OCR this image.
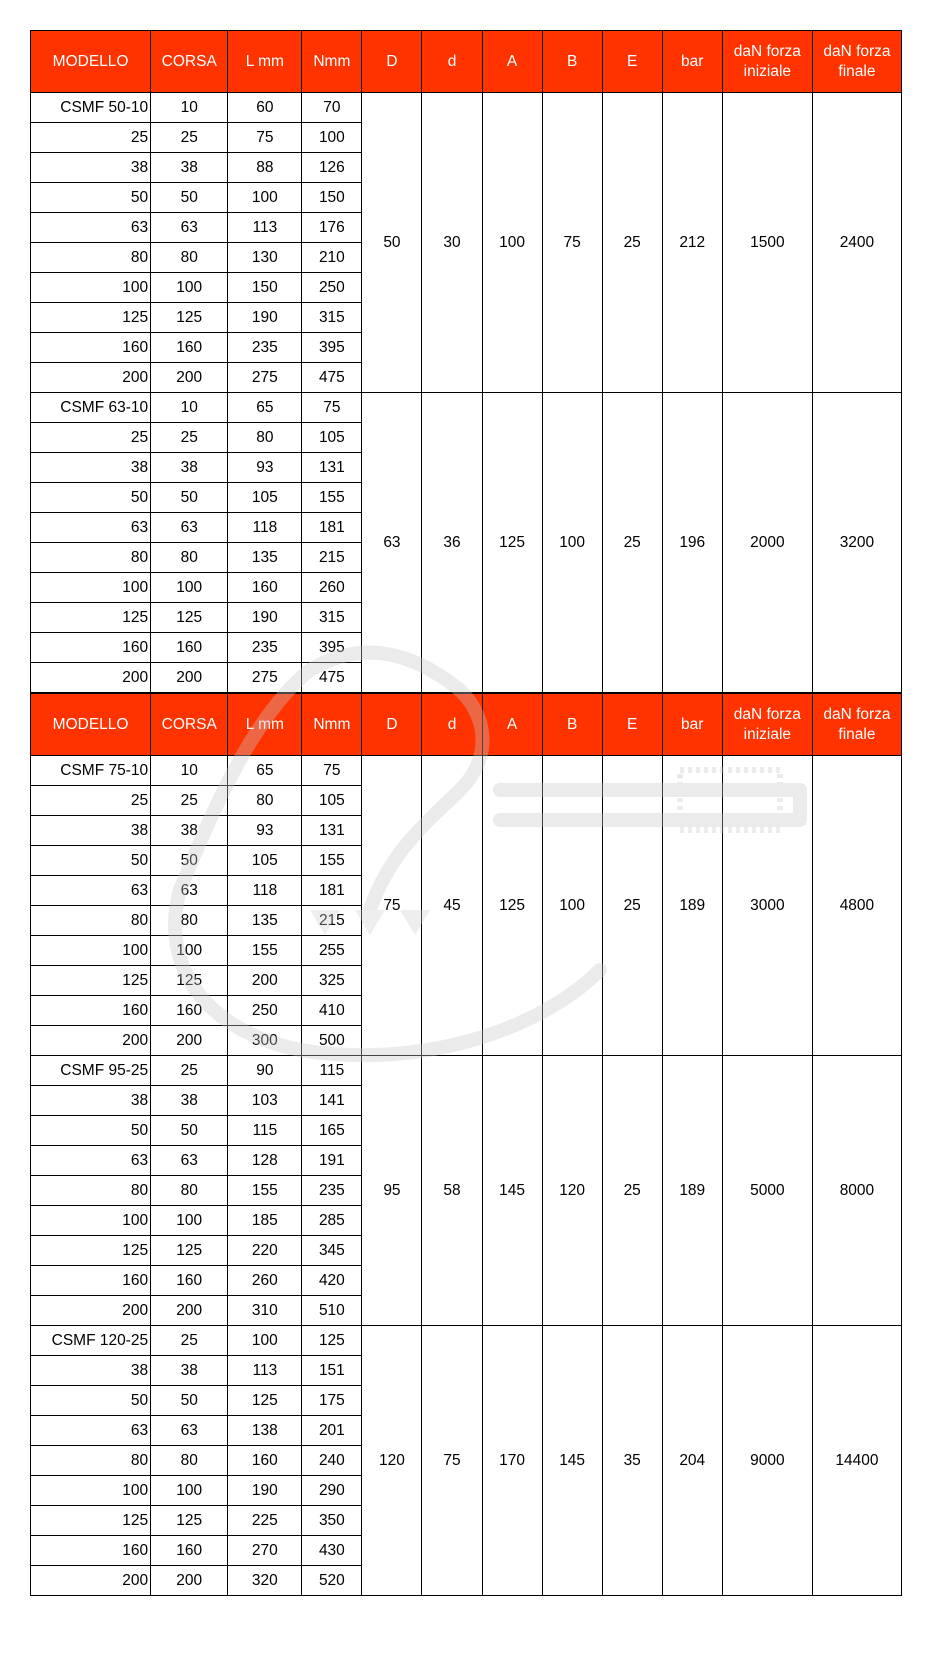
MODELLO	CORSA	L mm	Nmm	D	d	A	B	E	bar	daN forza iniziale	daN forza finale
CSMF 50-10	10	60	70	50	30	100	75	25	212	1500	2400
25	25	75	100								
38	38	88	126								
50	50	100	150								
63	63	113	176								
80	80	130	210								
100	100	150	250								
125	125	190	315								
160	160	235	395								
200	200	275	475								
CSMF 63-10	10	65	75	63	36	125	100	25	196	2000	3200
25	25	80	105								
38	38	93	131								
50	50	105	155								
63	63	118	181								
80	80	135	215								
100	100	160	260								
125	125	190	315								
160	160	235	395								
200	200	275	475								
MODELLO	CORSA	L mm	Nmm	D	d	A	B	E	bar	daN forza iniziale	daN forza finale
CSMF 75-10	10	65	75	75	45	125	100	25	189	3000	4800
25	25	80	105								
38	38	93	131								
50	50	105	155								
63	63	118	181								
80	80	135	215								
100	100	155	255								
125	125	200	325								
160	160	250	410								
200	200	300	500								
CSMF 95-25	25	90	115	95	58	145	120	25	189	5000	8000
38	38	103	141								
50	50	115	165								
63	63	128	191								
80	80	155	235								
100	100	185	285								
125	125	220	345								
160	160	260	420								
200	200	310	510								
CSMF 120-25	25	100	125	120	75	170	145	35	204	9000	14400
38	38	113	151								
50	50	125	175								
63	63	138	201								
80	80	160	240								
100	100	190	290								
125	125	225	350								
160	160	270	430								
200	200	320	520								
